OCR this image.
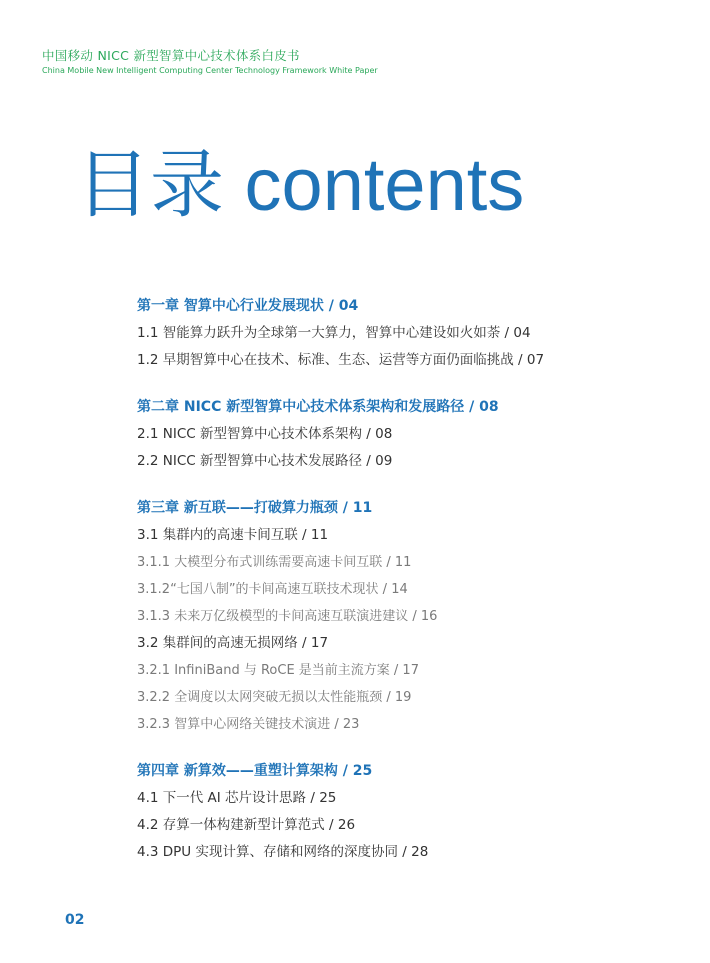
中国移动 NICC 新型智算中心技术体系白皮书
China Mobile New Intelligent Computing Center Technology Framework White Paper
目录 contents
第一章 智算中心行业发展现状 / 04
1.1 智能算力跃升为全球第一大算力，智算中心建设如火如荼 / 04
1.2 早期智算中心在技术、标准、生态、运营等方面仍面临挑战 / 07
第二章 NICC 新型智算中心技术体系架构和发展路径 / 08
2.1 NICC 新型智算中心技术体系架构 / 08
2.2 NICC 新型智算中心技术发展路径 / 09
第三章 新互联——打破算力瓶颈 / 11
3.1 集群内的高速卡间互联 / 11
3.1.1 大模型分布式训练需要高速卡间互联 / 11
3.1.2“七国八制”的卡间高速互联技术现状 / 14
3.1.3 未来万亿级模型的卡间高速互联演进建议 / 16
3.2 集群间的高速无损网络 / 17
3.2.1 InfiniBand 与 RoCE 是当前主流方案 / 17
3.2.2 全调度以太网突破无损以太性能瓶颈 / 19
3.2.3 智算中心网络关键技术演进 / 23
第四章 新算效——重塑计算架构 / 25
4.1 下一代 AI 芯片设计思路 / 25
4.2 存算一体构建新型计算范式 / 26
4.3 DPU 实现计算、存储和网络的深度协同 / 28
02
